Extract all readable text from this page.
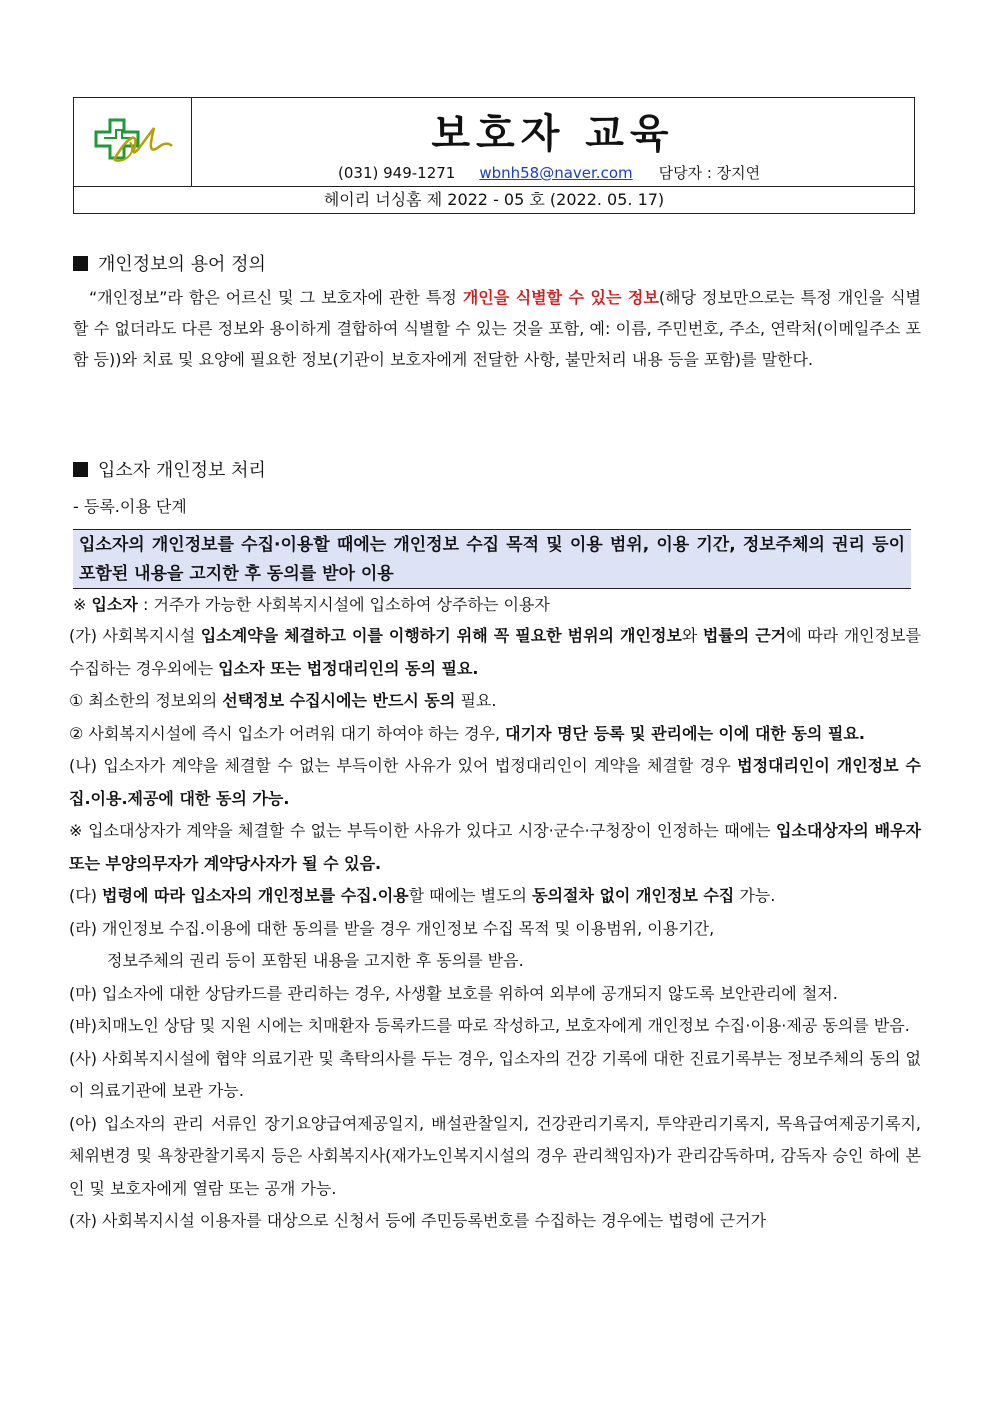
보호자 교육
(031) 949-1271 wbnh58@naver.com 담당자 : 장지연
헤이리 너싱홈 제 2022 - 05 호 (2022. 05. 17)
개인정보의 용어 정의
“개인정보”라 함은 어르신 및 그 보호자에 관한 특정 개인을 식별할 수 있는 정보(해당 정보만으로는 특정 개인을 식별할 수 없더라도 다른 정보와 용이하게 결합하여 식별할 수 있는 것을 포함, 예: 이름, 주민번호, 주소, 연락처(이메일주소 포함 등))와 치료 및 요양에 필요한 정보(기관이 보호자에게 전달한 사항, 불만처리 내용 등을 포함)를 말한다.
입소자 개인정보 처리
- 등록.이용 단계
입소자의 개인정보를 수집·이용할 때에는 개인정보 수집 목적 및 이용 범위, 이용 기간, 정보주체의 권리 등이 포함된 내용을 고지한 후 동의를 받아 이용
※ 입소자 : 거주가 가능한 사회복지시설에 입소하여 상주하는 이용자
(가) 사회복지시설 입소계약을 체결하고 이를 이행하기 위해 꼭 필요한 범위의 개인정보와 법률의 근거에 따라 개인정보를 수집하는 경우외에는 입소자 또는 법정대리인의 동의 필요.
① 최소한의 정보외의 선택정보 수집시에는 반드시 동의 필요.
② 사회복지시설에 즉시 입소가 어려워 대기 하여야 하는 경우, 대기자 명단 등록 및 관리에는 이에 대한 동의 필요.
(나) 입소자가 계약을 체결할 수 없는 부득이한 사유가 있어 법정대리인이 계약을 체결할 경우 법정대리인이 개인정보 수집.이용.제공에 대한 동의 가능.
※ 입소대상자가 계약을 체결할 수 없는 부득이한 사유가 있다고 시장·군수·구청장이 인정하는 때에는 입소대상자의 배우자 또는 부양의무자가 계약당사자가 될 수 있음.
(다) 법령에 따라 입소자의 개인정보를 수집.이용할 때에는 별도의 동의절차 없이 개인정보 수집 가능.
(라) 개인정보 수집.이용에 대한 동의를 받을 경우 개인정보 수집 목적 및 이용범위, 이용기간,
정보주체의 권리 등이 포함된 내용을 고지한 후 동의를 받음.
(마) 입소자에 대한 상담카드를 관리하는 경우, 사생활 보호를 위하여 외부에 공개되지 않도록 보안관리에 철저.
(바)치매노인 상담 및 지원 시에는 치매환자 등록카드를 따로 작성하고, 보호자에게 개인정보 수집·이용·제공 동의를 받음.
(사) 사회복지시설에 협약 의료기관 및 촉탁의사를 두는 경우, 입소자의 건강 기록에 대한 진료기록부는 정보주체의 동의 없이 의료기관에 보관 가능.
(아) 입소자의 관리 서류인 장기요양급여제공일지, 배설관찰일지, 건강관리기록지, 투약관리기록지, 목욕급여제공기록지, 체위변경 및 욕창관찰기록지 등은 사회복지사(재가노인복지시설의 경우 관리책임자)가 관리감독하며, 감독자 승인 하에 본인 및 보호자에게 열람 또는 공개 가능.
(자) 사회복지시설 이용자를 대상으로 신청서 등에 주민등록번호를 수집하는 경우에는 법령에 근거가
